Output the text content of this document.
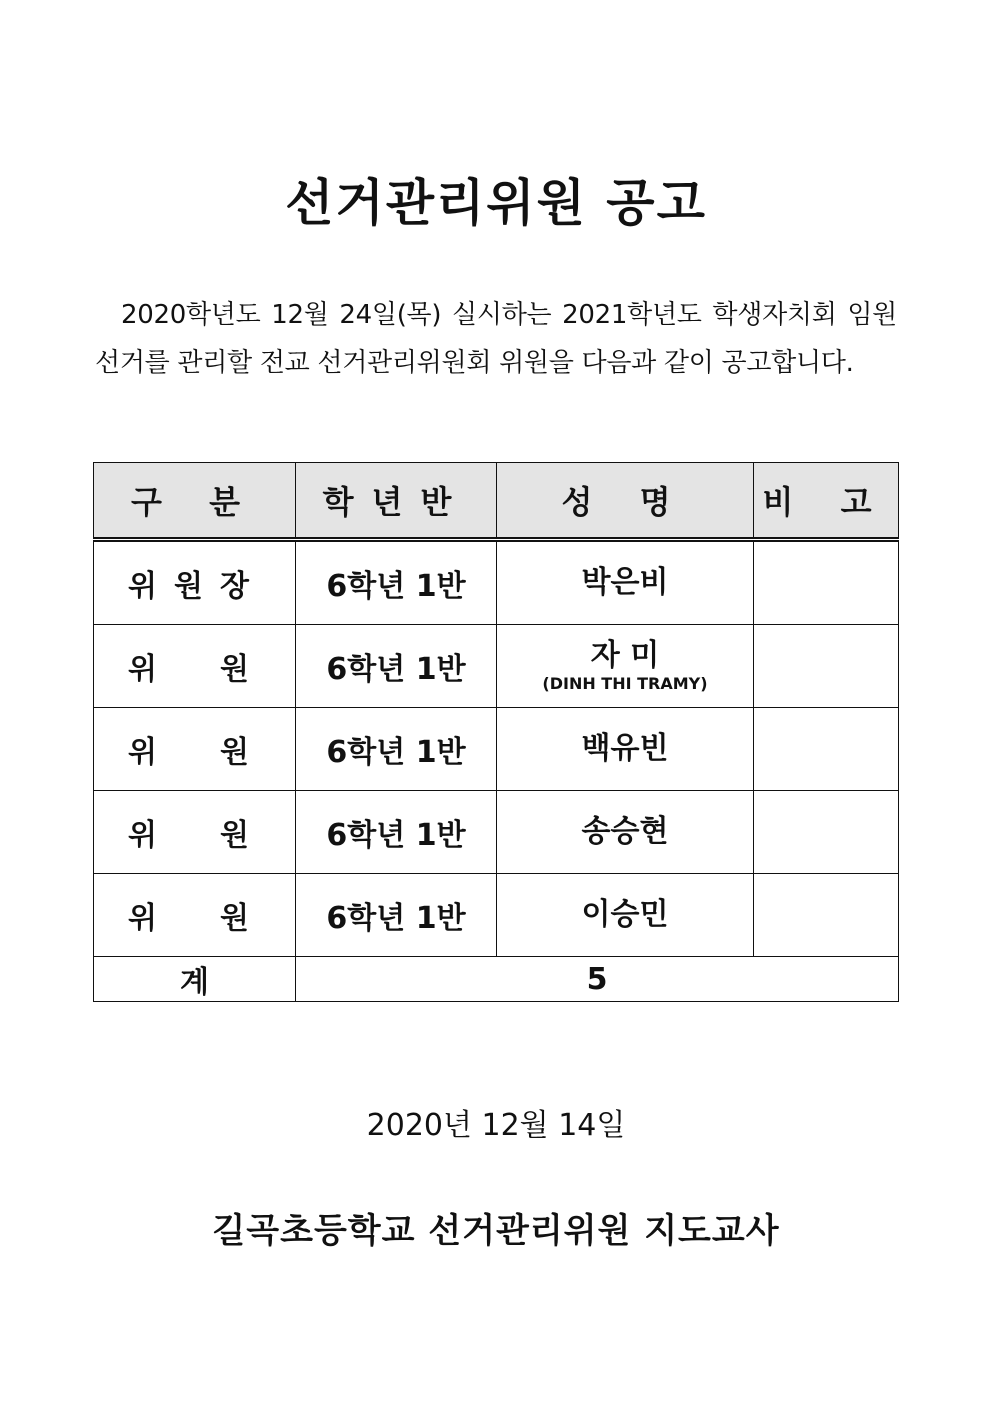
선거관리위원 공고
2020학년도 12월 24일(목) 실시하는 2021학년도 학생자치회 임원 선거를 관리할 전교 선거관리위원회 위원을 다음과 같이 공고합니다.
구 분	학년반	성 명	비 고

위 원 장	6학년 1반	박은비	

위 원	6학년 1반	자 미
(DINH THI TRAMY)	

위 원	6학년 1반	백유빈	

위 원	6학년 1반	송승현	

위 원	6학년 1반	이승민	

계	5		
2020년 12월 14일
길곡초등학교 선거관리위원 지도교사
